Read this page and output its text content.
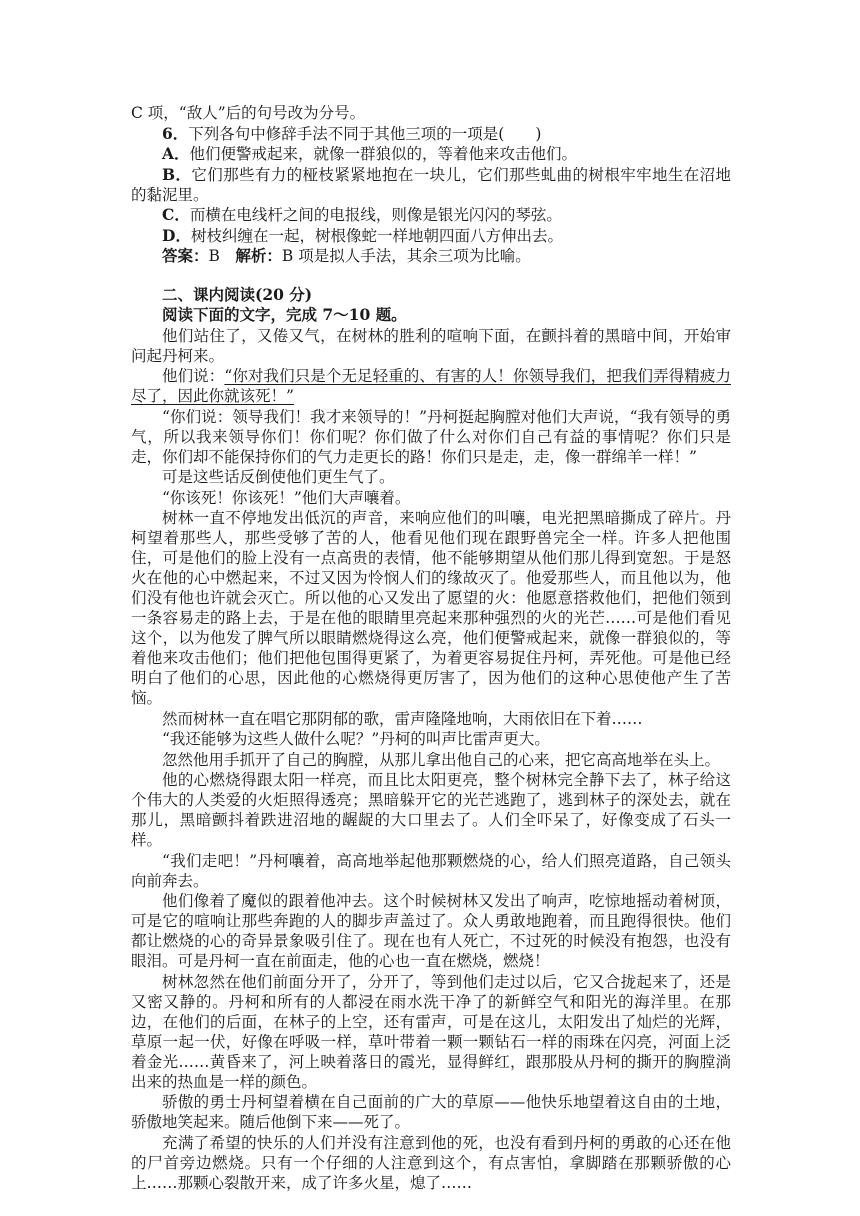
C 项，“敌人”后的句号改为分号。

6．下列各句中修辞手法不同于其他三项的一项是(　　)

A．他们便警戒起来，就像一群狼似的，等着他来攻击他们。

B．它们那些有力的桠枝紧紧地抱在一块儿，它们那些虬曲的树根牢牢地生在沼地的黏泥里。

C．而横在电线杆之间的电报线，则像是银光闪闪的琴弦。

D．树枝纠缠在一起，树根像蛇一样地朝四面八方伸出去。

答案：B　解析：B 项是拟人手法，其余三项为比喻。

二、课内阅读(20 分)

阅读下面的文字，完成 7～10 题。

他们站住了，又倦又气，在树林的胜利的喧响下面，在颤抖着的黑暗中间，开始审问起丹柯来。

他们说：“你对我们只是个无足轻重的、有害的人！你领导我们，把我们弄得精疲力尽了，因此你就该死！”

“你们说：领导我们！我才来领导的！”丹柯挺起胸膛对他们大声说，“我有领导的勇气，所以我来领导你们！你们呢？你们做了什么对你们自己有益的事情呢？你们只是走，你们却不能保持你们的气力走更长的路！你们只是走，走，像一群绵羊一样！”

可是这些话反倒使他们更生气了。

“你该死！你该死！”他们大声嚷着。

树林一直不停地发出低沉的声音，来响应他们的叫嚷，电光把黑暗撕成了碎片。丹柯望着那些人，那些受够了苦的人，他看见他们现在跟野兽完全一样。许多人把他围住，可是他们的脸上没有一点高贵的表情，他不能够期望从他们那儿得到宽恕。于是怒火在他的心中燃起来，不过又因为怜悯人们的缘故灭了。他爱那些人，而且他以为，他们没有他也许就会灭亡。所以他的心又发出了愿望的火：他愿意搭救他们，把他们领到一条容易走的路上去，于是在他的眼睛里亮起来那种强烈的火的光芒……可是他们看见这个，以为他发了脾气所以眼睛燃烧得这么亮，他们便警戒起来，就像一群狼似的，等着他来攻击他们；他们把他包围得更紧了，为着更容易捉住丹柯，弄死他。可是他已经明白了他们的心思，因此他的心燃烧得更厉害了，因为他们的这种心思使他产生了苦恼。

然而树林一直在唱它那阴郁的歌，雷声隆隆地响，大雨依旧在下着……

“我还能够为这些人做什么呢？”丹柯的叫声比雷声更大。

忽然他用手抓开了自己的胸膛，从那儿拿出他自己的心来，把它高高地举在头上。

他的心燃烧得跟太阳一样亮，而且比太阳更亮，整个树林完全静下去了，林子给这个伟大的人类爱的火炬照得透亮；黑暗躲开它的光芒逃跑了，逃到林子的深处去，就在那儿，黑暗颤抖着跌进沼地的龌龊的大口里去了。人们全吓呆了，好像变成了石头一样。

“我们走吧！”丹柯嚷着，高高地举起他那颗燃烧的心，给人们照亮道路，自己领头向前奔去。

他们像着了魔似的跟着他冲去。这个时候树林又发出了响声，吃惊地摇动着树顶，可是它的喧响让那些奔跑的人的脚步声盖过了。众人勇敢地跑着，而且跑得很快。他们都让燃烧的心的奇异景象吸引住了。现在也有人死亡，不过死的时候没有抱怨，也没有眼泪。可是丹柯一直在前面走，他的心也一直在燃烧，燃烧！

树林忽然在他们前面分开了，分开了，等到他们走过以后，它又合拢起来了，还是又密又静的。丹柯和所有的人都浸在雨水洗干净了的新鲜空气和阳光的海洋里。在那边，在他们的后面，在林子的上空，还有雷声，可是在这儿，太阳发出了灿烂的光辉，草原一起一伏，好像在呼吸一样，草叶带着一颗一颗钻石一样的雨珠在闪亮，河面上泛着金光……黄昏来了，河上映着落日的霞光，显得鲜红，跟那股从丹柯的撕开的胸膛淌出来的热血是一样的颜色。

骄傲的勇士丹柯望着横在自己面前的广大的草原——他快乐地望着这自由的土地，骄傲地笑起来。随后他倒下来——死了。

充满了希望的快乐的人们并没有注意到他的死，也没有看到丹柯的勇敢的心还在他的尸首旁边燃烧。只有一个仔细的人注意到这个，有点害怕，拿脚踏在那颗骄傲的心上……那颗心裂散开来，成了许多火星，熄了……
